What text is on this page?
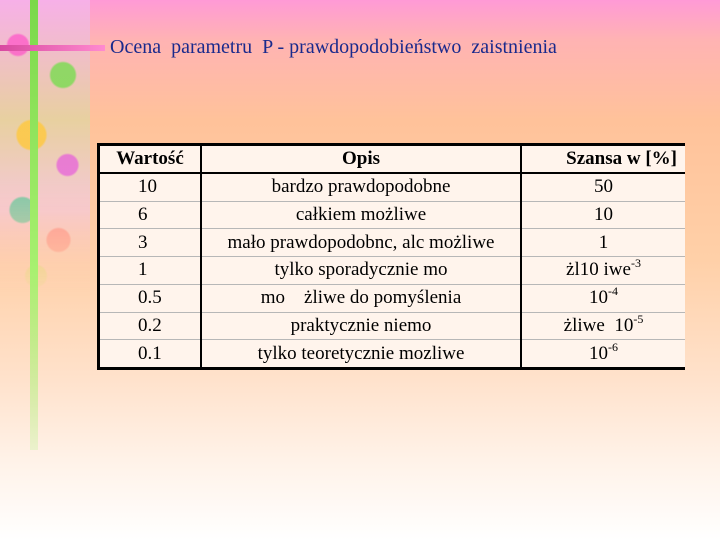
Ocena  parametru  P - prawdopodobieństwo  zaistnienia
Wartość	Opis	Szansa w [%]
10	bardzo prawdopodobne	50
6	całkiem możliwe	10
3	mało prawdopodobnc, alc możliwe	1
1	tylko sporadycznie mo	żl10 iwe$^{-3}$
0.5	mo    żliwe do pomyślenia	$10^{-4}$
0.2	praktycznie niemo	żliwe  $10^{-5}$
0.1	tylko teoretycznie mozliwe	$10^{-6}$
